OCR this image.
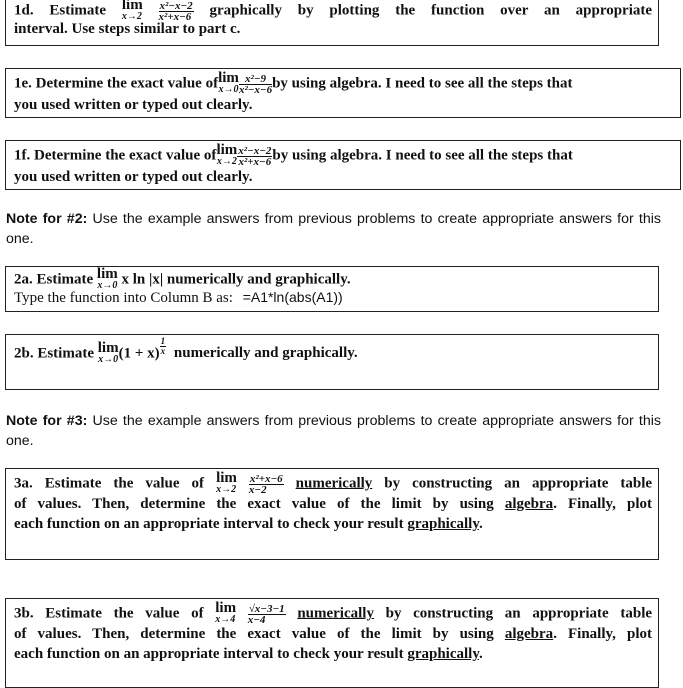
1d. Estimate lim
x→2
$\frac{\text{x²−x−2}}{\text{x²+x−6}}$ graphically by plotting the function over an appropriate
interval. Use steps similar to part c.
1e. Determine the exact value of lim
$x\to 0 \frac{\text{x²−9}}{\text{x²−x−6}}$ by using algebra. I need to see all the steps that
you used written or typed out clearly.
1f. Determine the exact value of lim
$x\to 2 \frac{\text{x²−x−2}}{\text{x²+x−6}}$ by using algebra. I need to see all the steps that
you used written or typed out clearly.
Note for #2: Use the example answers from previous problems to create appropriate answers for this one.
2a. Estimate lim
x→0 x ln |x| numerically and graphically.
Type the function into Column B as: =A1*ln(abs(A1))
2b. Estimate lim
x→0 $(1 + x) \frac{1}{x}$ numerically and graphically.
Note for #3: Use the example answers from previous problems to create appropriate answers for this one.
3a. Estimate the value of lim
x→2
$\frac{\text{x²+x−6}}{x-2}$ numerically by constructing an appropriate table
of values. Then, determine the exact value of the limit by using algebra. Finally, plot
each function on an appropriate interval to check your result graphically.
3b. Estimate the value of lim
x→4
$\frac{√x-3-1}{x-4}$ numerically by constructing an appropriate table
of values. Then, determine the exact value of the limit by using algebra. Finally, plot
each function on an appropriate interval to check your result graphically.
